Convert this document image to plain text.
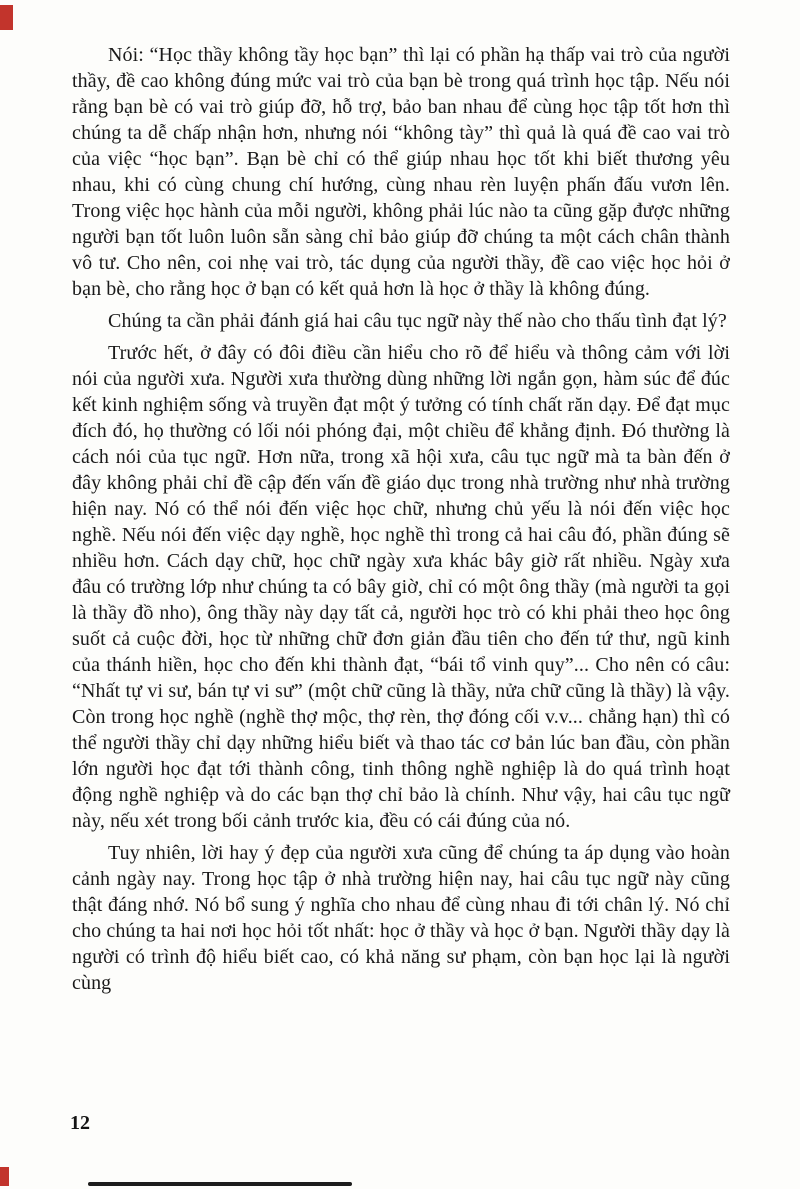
Nói: “Học thầy không tầy học bạn” thì lại có phần hạ thấp vai trò của người thầy, đề cao không đúng mức vai trò của bạn bè trong quá trình học tập. Nếu nói rằng bạn bè có vai trò giúp đỡ, hỗ trợ, bảo ban nhau để cùng học tập tốt hơn thì chúng ta dễ chấp nhận hơn, nhưng nói “không tày” thì quả là quá đề cao vai trò của việc “học bạn”. Bạn bè chỉ có thể giúp nhau học tốt khi biết thương yêu nhau, khi có cùng chung chí hướng, cùng nhau rèn luyện phấn đấu vươn lên. Trong việc học hành của mỗi người, không phải lúc nào ta cũng gặp được những người bạn tốt luôn luôn sẵn sàng chỉ bảo giúp đỡ chúng ta một cách chân thành vô tư. Cho nên, coi nhẹ vai trò, tác dụng của người thầy, đề cao việc học hỏi ở bạn bè, cho rằng học ở bạn có kết quả hơn là học ở thầy là không đúng.

Chúng ta cần phải đánh giá hai câu tục ngữ này thế nào cho thấu tình đạt lý?

Trước hết, ở đây có đôi điều cần hiểu cho rõ để hiểu và thông cảm với lời nói của người xưa. Người xưa thường dùng những lời ngắn gọn, hàm súc để đúc kết kinh nghiệm sống và truyền đạt một ý tưởng có tính chất răn dạy. Để đạt mục đích đó, họ thường có lối nói phóng đại, một chiều để khẳng định. Đó thường là cách nói của tục ngữ. Hơn nữa, trong xã hội xưa, câu tục ngữ mà ta bàn đến ở đây không phải chỉ đề cập đến vấn đề giáo dục trong nhà trường như nhà trường hiện nay. Nó có thể nói đến việc học chữ, nhưng chủ yếu là nói đến việc học nghề. Nếu nói đến việc dạy nghề, học nghề thì trong cả hai câu đó, phần đúng sẽ nhiều hơn. Cách dạy chữ, học chữ ngày xưa khác bây giờ rất nhiều. Ngày xưa đâu có trường lớp như chúng ta có bây giờ, chỉ có một ông thầy (mà người ta gọi là thầy đồ nho), ông thầy này dạy tất cả, người học trò có khi phải theo học ông suốt cả cuộc đời, học từ những chữ đơn giản đầu tiên cho đến tứ thư, ngũ kinh của thánh hiền, học cho đến khi thành đạt, “bái tổ vinh quy”... Cho nên có câu: “Nhất tự vi sư, bán tự vi sư” (một chữ cũng là thầy, nửa chữ cũng là thầy) là vậy. Còn trong học nghề (nghề thợ mộc, thợ rèn, thợ đóng cối v.v... chẳng hạn) thì có thể người thầy chỉ dạy những hiểu biết và thao tác cơ bản lúc ban đầu, còn phần lớn người học đạt tới thành công, tinh thông nghề nghiệp là do quá trình hoạt động nghề nghiệp và do các bạn thợ chỉ bảo là chính. Như vậy, hai câu tục ngữ này, nếu xét trong bối cảnh trước kia, đều có cái đúng của nó.

Tuy nhiên, lời hay ý đẹp của người xưa cũng để chúng ta áp dụng vào hoàn cảnh ngày nay. Trong học tập ở nhà trường hiện nay, hai câu tục ngữ này cũng thật đáng nhớ. Nó bổ sung ý nghĩa cho nhau để cùng nhau đi tới chân lý. Nó chỉ cho chúng ta hai nơi học hỏi tốt nhất: học ở thầy và học ở bạn. Người thầy dạy là người có trình độ hiểu biết cao, có khả năng sư phạm, còn bạn học lại là người cùng

12
